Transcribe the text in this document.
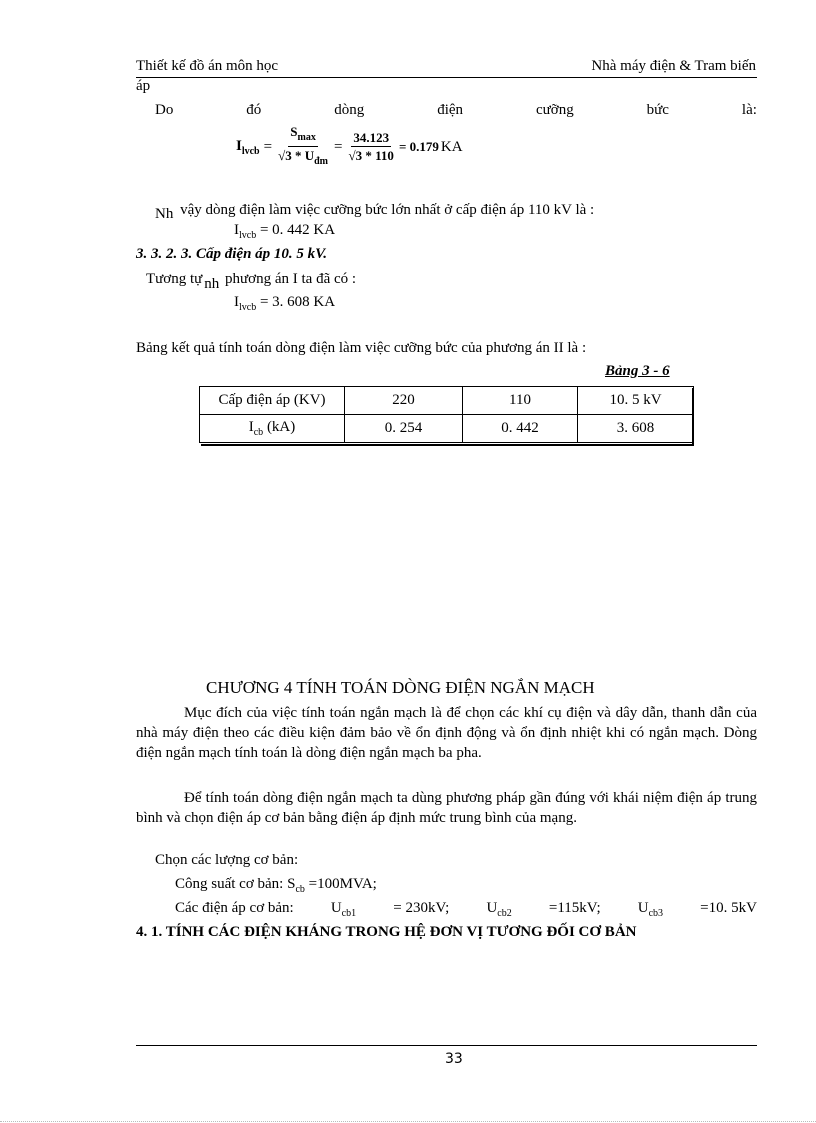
Thiết kế đồ án môn học	Nhà máy điện & Tram biến
áp
Do	đó	dòng	điện	cưỡng	bức	là:
$I_{lvcb} = \frac{S_{max}}{√3 * U_{đm}} = \frac{34.123}{√3 * 110} = 0.179$ KA
Nh vậy dòng điện làm việc cưỡng bức lớn nhất ở cấp điện áp 110 kV là :
$I_{lvcb} = 0$. 442 KA
3. 3. 2. 3. Cấp điện áp 10. 5 kV.
Tương tự nh phương án I ta đã có :
$I_{lvcb} = 3$. 608 KA
Bảng kết quả tính toán dòng điện làm việc cưỡng bức của phương án II là :
Bảng 3 - 6
Cấp điện áp (KV)	220	110	10. 5 kV
$I_{cb}$ (kA)	0. 254	0. 442	3. 608
CHƯƠNG 4 TÍNH TOÁN DÒNG ĐIỆN NGẮN MẠCH
Mục đích của việc tính toán ngắn mạch là để chọn các khí cụ điện và dây dẫn, thanh dẫn của nhà máy điện theo các điều kiện đảm bảo về ổn định động và ổn định nhiệt khi có ngắn mạch. Dòng điện ngắn mạch tính toán là dòng điện ngắn mạch ba pha.
Để tính toán dòng điện ngắn mạch ta dùng phương pháp gần đúng với khái niệm điện áp trung bình và chọn điện áp cơ bản bằng điện áp định mức trung bình của mạng.
Chọn các lượng cơ bản:
Công suất cơ bản: $S_{cb} =100MVA$;
Các điện áp cơ bản: $U_{cb1} = 230kV$; $U_{cb2} =115kV$; $U_{cb3} =10$. 5kV
4. 1. TÍNH CÁC ĐIỆN KHÁNG TRONG HỆ ĐƠN VỊ TƯƠNG ĐỐI CƠ BẢN
33
